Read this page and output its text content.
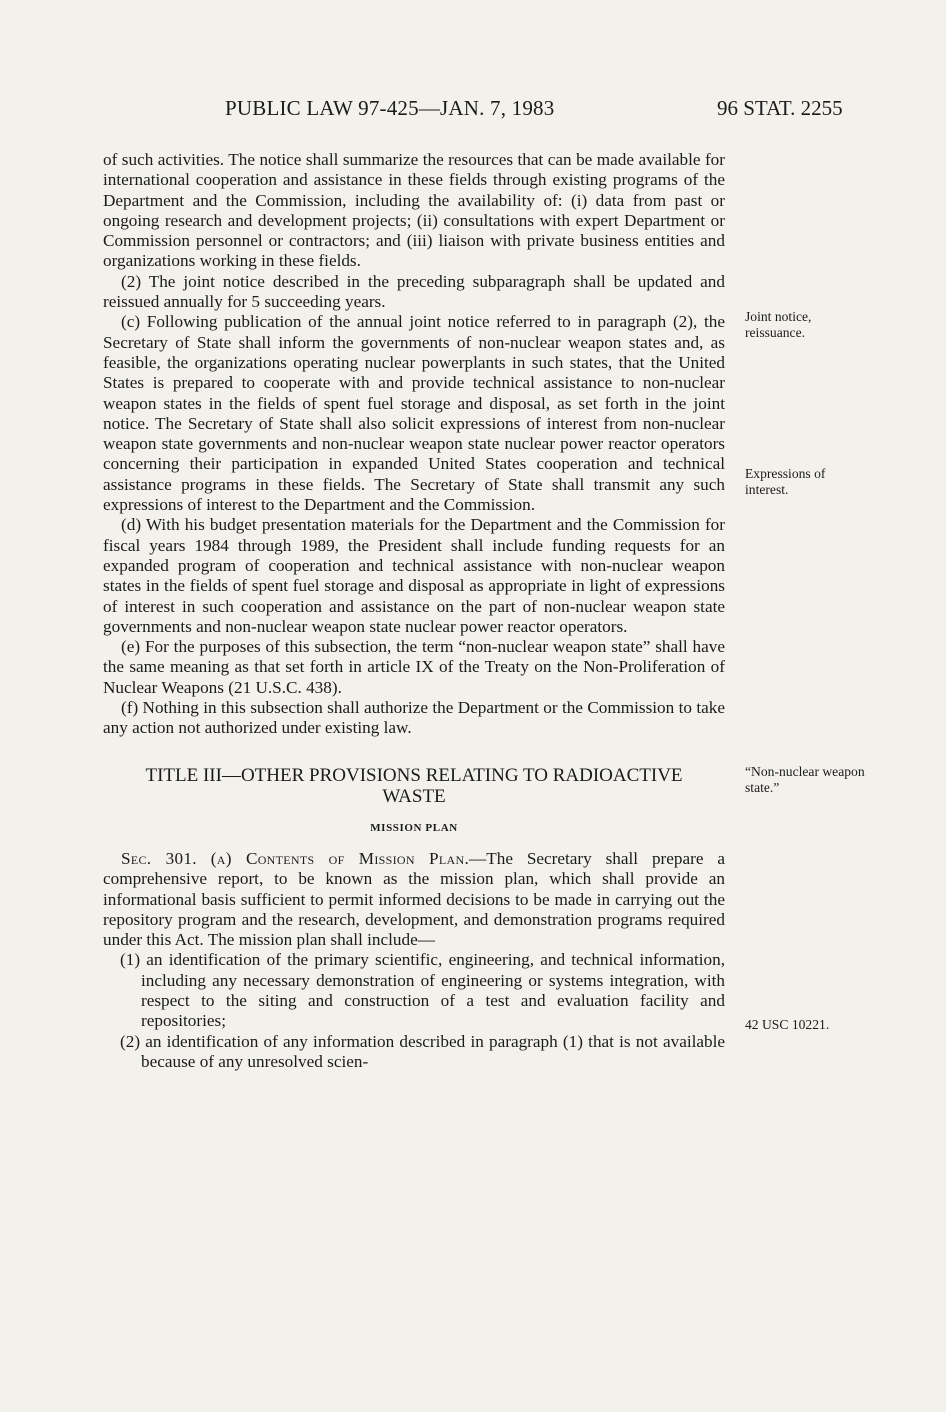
PUBLIC LAW 97-425—JAN. 7, 1983	96 STAT. 2255

of such activities. The notice shall summarize the resources that can be made available for international cooperation and assistance in these fields through existing programs of the Department and the Commission, including the availability of: (i) data from past or ongoing research and development projects; (ii) consultations with expert Department or Commission personnel or contractors; and (iii) liaison with private business entities and organizations working in these fields.

(2) The joint notice described in the preceding subparagraph shall be updated and reissued annually for 5 succeeding years.

(c) Following publication of the annual joint notice referred to in paragraph (2), the Secretary of State shall inform the governments of non-nuclear weapon states and, as feasible, the organizations operating nuclear powerplants in such states, that the United States is prepared to cooperate with and provide technical assistance to non-nuclear weapon states in the fields of spent fuel storage and disposal, as set forth in the joint notice. The Secretary of State shall also solicit expressions of interest from non-nuclear weapon state governments and non-nuclear weapon state nuclear power reactor operators concerning their participation in expanded United States cooperation and technical assistance programs in these fields. The Secretary of State shall transmit any such expressions of interest to the Department and the Commission.

(d) With his budget presentation materials for the Department and the Commission for fiscal years 1984 through 1989, the President shall include funding requests for an expanded program of cooperation and technical assistance with non-nuclear weapon states in the fields of spent fuel storage and disposal as appropriate in light of expressions of interest in such cooperation and assistance on the part of non-nuclear weapon state governments and non-nuclear weapon state nuclear power reactor operators.

(e) For the purposes of this subsection, the term “non-nuclear weapon state” shall have the same meaning as that set forth in article IX of the Treaty on the Non-Proliferation of Nuclear Weapons (21 U.S.C. 438).

(f) Nothing in this subsection shall authorize the Department or the Commission to take any action not authorized under existing law.

TITLE III—OTHER PROVISIONS RELATING TO RADIOACTIVE WASTE

MISSION PLAN

Sec. 301. (a) Contents of Mission Plan.—The Secretary shall prepare a comprehensive report, to be known as the mission plan, which shall provide an informational basis sufficient to permit informed decisions to be made in carrying out the repository program and the research, development, and demonstration programs required under this Act. The mission plan shall include—

(1) an identification of the primary scientific, engineering, and technical information, including any necessary demonstration of engineering or systems integration, with respect to the siting and construction of a test and evaluation facility and repositories;

(2) an identification of any information described in paragraph (1) that is not available because of any unresolved scien-

Joint notice, reissuance.
Expressions of interest.
“Non-nuclear weapon state.”
42 USC 10221.
